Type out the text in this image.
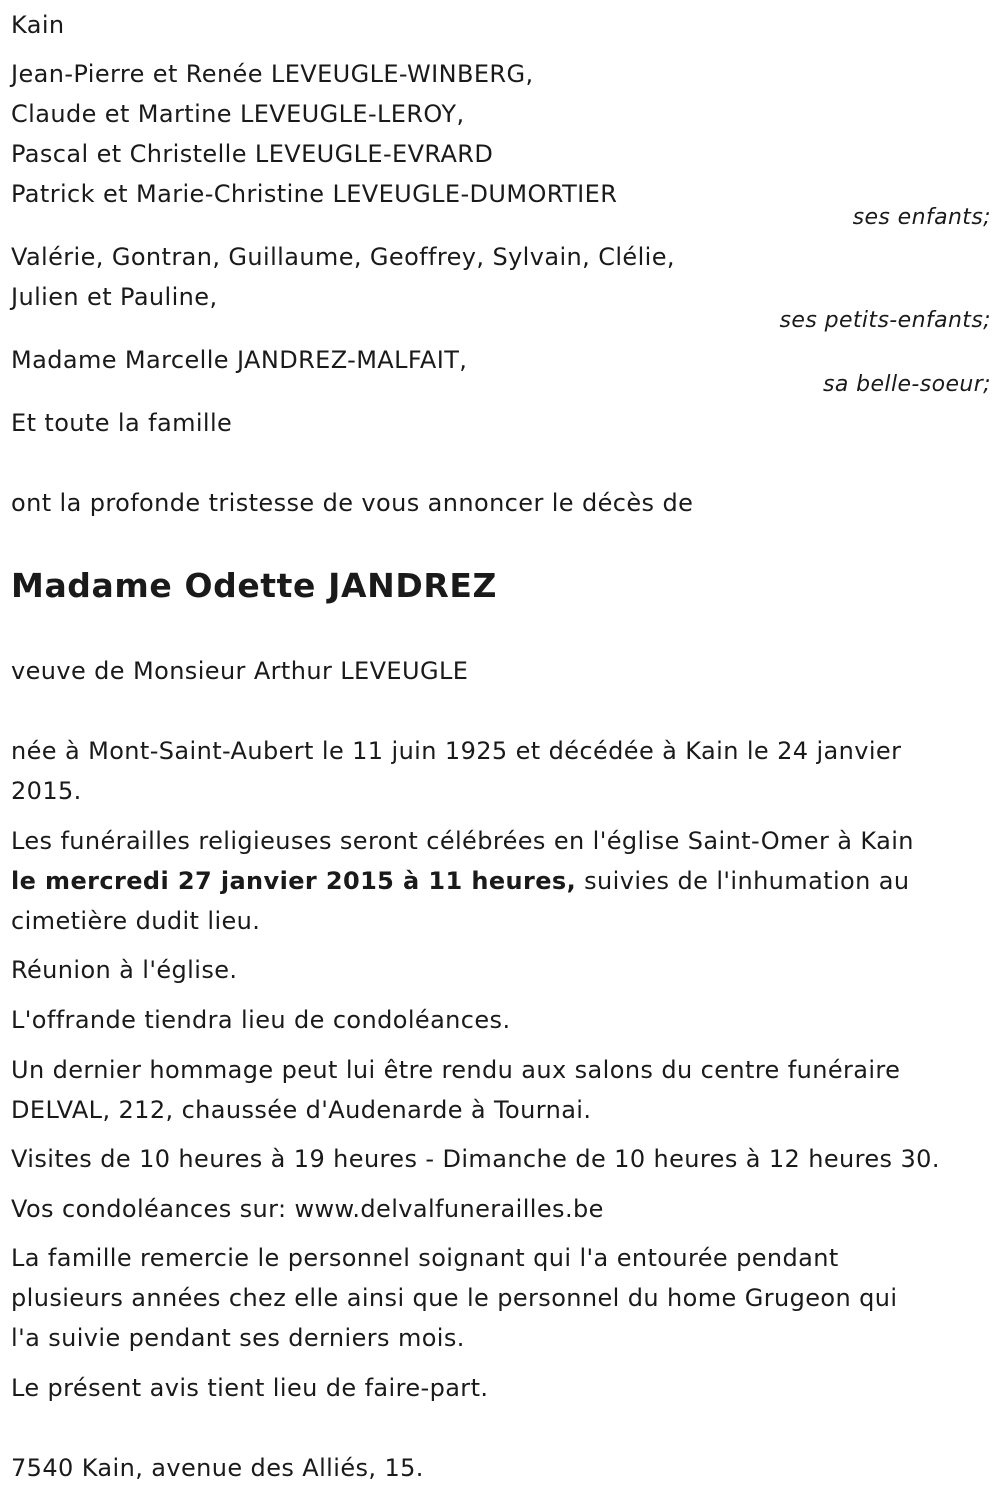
Kain
Jean-Pierre et Renée LEVEUGLE-WINBERG,
Claude et Martine LEVEUGLE-LEROY,
Pascal et Christelle LEVEUGLE-EVRARD
Patrick et Marie-Christine LEVEUGLE-DUMORTIER
ses enfants;
Valérie, Gontran, Guillaume, Geoffrey, Sylvain, Clélie,
Julien et Pauline,
ses petits-enfants;
Madame Marcelle JANDREZ-MALFAIT,
sa belle-soeur;
Et toute la famille
ont la profonde tristesse de vous annoncer le décès de
Madame Odette JANDREZ
veuve de Monsieur Arthur LEVEUGLE
née à Mont-Saint-Aubert le 11 juin 1925 et décédée à Kain le 24 janvier
2015.
Les funérailles religieuses seront célébrées en l'église Saint-Omer à Kain
le mercredi 27 janvier 2015 à 11 heures, suivies de l'inhumation au
cimetière dudit lieu.
Réunion à l'église.
L'offrande tiendra lieu de condoléances.
Un dernier hommage peut lui être rendu aux salons du centre funéraire
DELVAL, 212, chaussée d'Audenarde à Tournai.
Visites de 10 heures à 19 heures - Dimanche de 10 heures à 12 heures 30.
Vos condoléances sur: www.delvalfunerailles.be
La famille remercie le personnel soignant qui l'a entourée pendant
plusieurs années chez elle ainsi que le personnel du home Grugeon qui
l'a suivie pendant ses derniers mois.
Le présent avis tient lieu de faire-part.
7540 Kain, avenue des Alliés, 15.
